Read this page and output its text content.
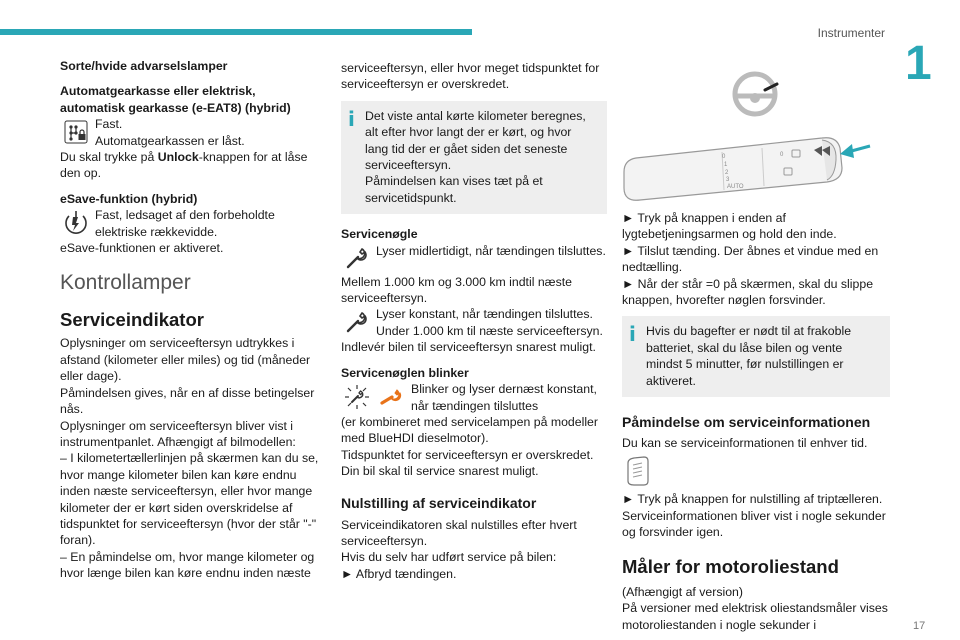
Instrumenter
1
17
Sorte/hvide advarselslamper
Automatgearkasse eller elektrisk, automatisk gearkasse (e-EAT8) (hybrid)
Fast.
Automatgearkassen er låst.
Du skal trykke på Unlock-knappen for at låse den op.
eSave-funktion (hybrid)
Fast, ledsaget af den forbeholdte elektriske rækkevidde.
eSave-funktionen er aktiveret.
Kontrollamper
Serviceindikator
Oplysninger om serviceeftersyn udtrykkes i afstand (kilometer eller miles) og tid (måneder eller dage).
Påmindelsen gives, når en af disse betingelser nås.
Oplysninger om serviceeftersyn bliver vist i instrumentpanlet. Afhængigt af bilmodellen:
– I kilometertællerlinjen på skærmen kan du se, hvor mange kilometer bilen kan køre endnu inden næste serviceeftersyn, eller hvor mange kilometer der er kørt siden overskridelse af tidspunktet for serviceeftersyn (hvor der står "-" foran).
– En påmindelse om, hvor mange kilometer og hvor længe bilen kan køre endnu inden næste
serviceeftersyn, eller hvor meget tidspunktet for serviceeftersyn er overskredet.
i Det viste antal kørte kilometer beregnes, alt efter hvor langt der er kørt, og hvor lang tid der er gået siden det seneste serviceeftersyn.
Påmindelsen kan vises tæt på et servicetidspunkt.
Servicenøgle
Lyser midlertidigt, når tændingen tilsluttes.
Mellem 1.000 km og 3.000 km indtil næste serviceeftersyn.
Lyser konstant, når tændingen tilsluttes.
Under 1.000 km til næste serviceeftersyn.
Indlevér bilen til serviceeftersyn snarest muligt.
Servicenøglen blinker
Blinker og lyser dernæst konstant, når tændingen tilsluttes
(er kombineret med servicelampen på modeller med BlueHDI dieselmotor).
Tidspunktet for serviceeftersyn er overskredet. Din bil skal til service snarest muligt.
Nulstilling af serviceindikator
Serviceindikatoren skal nulstilles efter hvert serviceeftersyn.
Hvis du selv har udført service på bilen:
► Afbryd tændingen.
0
1
2
3
AUTO
0
► Tryk på knappen i enden af lygtebetjeningsarmen og hold den inde.
► Tilslut tænding. Der åbnes et vindue med en nedtælling.
► Når der står =0 på skærmen, skal du slippe knappen, hvorefter nøglen forsvinder.
i Hvis du bagefter er nødt til at frakoble batteriet, skal du låse bilen og vente mindst 5 minutter, før nulstillingen er aktiveret.
Påmindelse om serviceinformationen
Du kan se serviceinformationen til enhver tid.
► Tryk på knappen for nulstilling af triptælleren. Serviceinformationen bliver vist i nogle sekunder og forsvinder igen.
Måler for motoroliestand
(Afhængigt af version)
På versioner med elektrisk oliestandsmåler vises motoroliestanden i nogle sekunder i
